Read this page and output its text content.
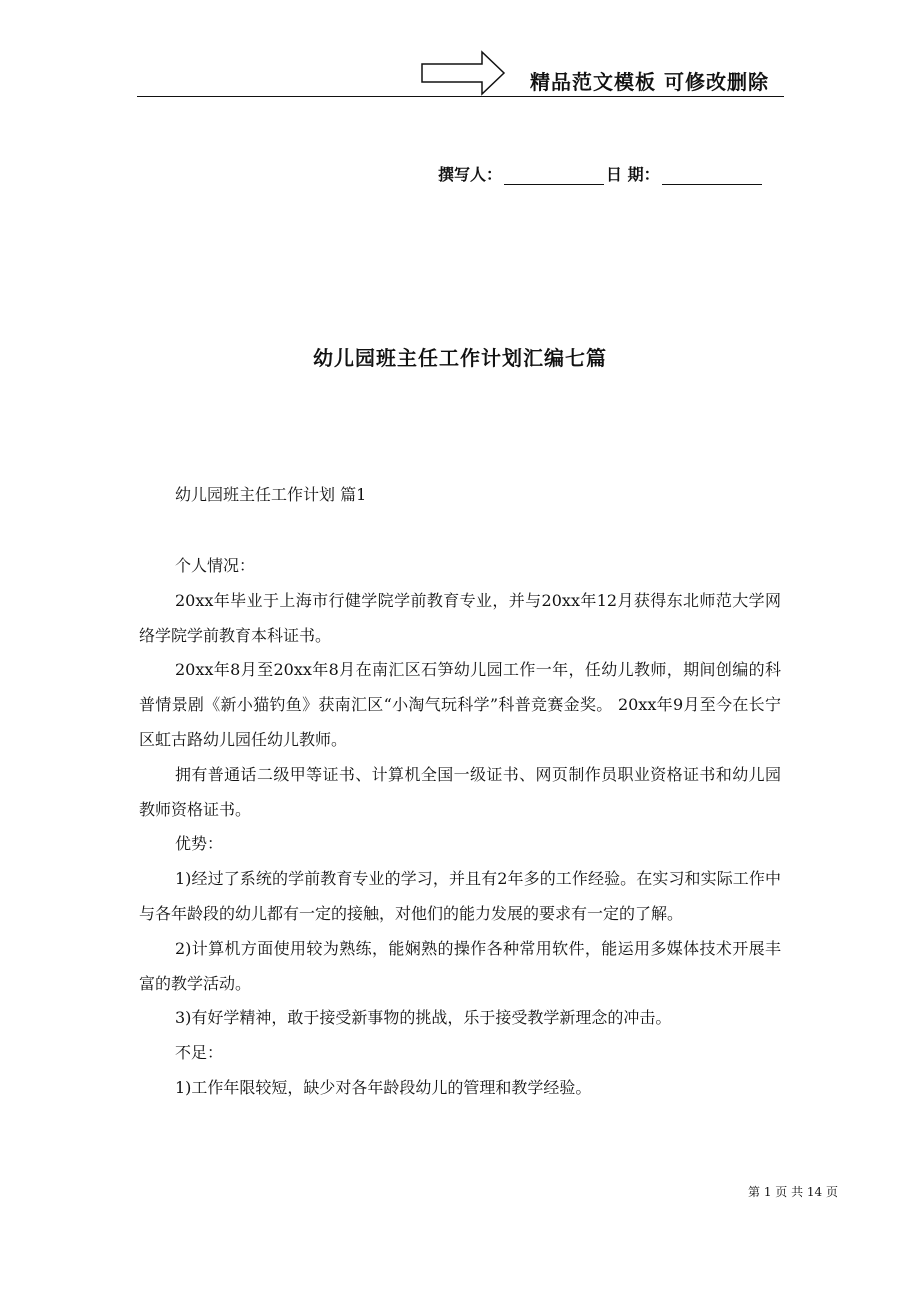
精品范文模板 可修改删除
撰写人：	日 期：
幼儿园班主任工作计划汇编七篇
幼儿园班主任工作计划 篇1

个人情况：

20xx年毕业于上海市行健学院学前教育专业，并与20xx年12月获得东北师范大学网络学院学前教育本科证书。

20xx年8月至20xx年8月在南汇区石笋幼儿园工作一年，任幼儿教师，期间创编的科普情景剧《新小猫钓鱼》获南汇区“小淘气玩科学”科普竞赛金奖。 20xx年9月至今在长宁区虹古路幼儿园任幼儿教师。

拥有普通话二级甲等证书、计算机全国一级证书、网页制作员职业资格证书和幼儿园教师资格证书。

优势：

1)经过了系统的学前教育专业的学习，并且有2年多的工作经验。在实习和实际工作中与各年龄段的幼儿都有一定的接触，对他们的能力发展的要求有一定的了解。

2)计算机方面使用较为熟练，能娴熟的操作各种常用软件，能运用多媒体技术开展丰富的教学活动。

3)有好学精神，敢于接受新事物的挑战，乐于接受教学新理念的冲击。

不足：

1)工作年限较短，缺少对各年龄段幼儿的管理和教学经验。

第 1 页 共 14 页
